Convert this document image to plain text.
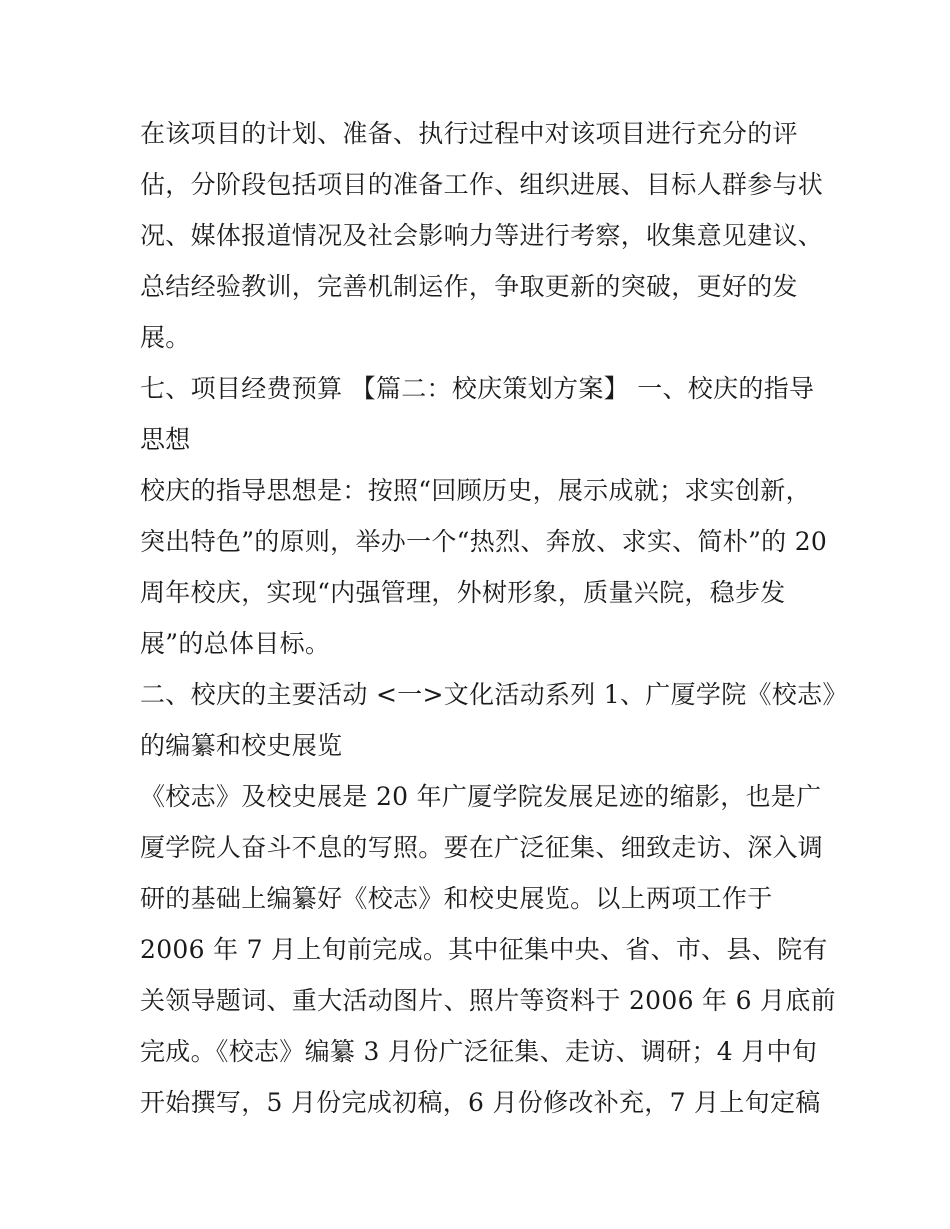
在该项目的计划、准备、执行过程中对该项目进行充分的评
估，分阶段包括项目的准备工作、组织进展、目标人群参与状
况、媒体报道情况及社会影响力等进行考察，收集意见建议、
总结经验教训，完善机制运作，争取更新的突破，更好的发
展。
七、项目经费预算 【篇二：校庆策划方案】 一、校庆的指导
思想
校庆的指导思想是：按照“回顾历史，展示成就；求实创新，
突出特色”的原则，举办一个“热烈、奔放、求实、简朴”的 20
周年校庆，实现“内强管理，外树形象，质量兴院，稳步发
展”的总体目标。
二、校庆的主要活动 <一>文化活动系列 1、广厦学院《校志》
的编纂和校史展览
《校志》及校史展是 20 年广厦学院发展足迹的缩影，也是广
厦学院人奋斗不息的写照。要在广泛征集、细致走访、深入调
研的基础上编纂好《校志》和校史展览。以上两项工作于
2006 年 7 月上旬前完成。其中征集中央、省、市、县、院有
关领导题词、重大活动图片、照片等资料于 2006 年 6 月底前
完成。《校志》编纂 3 月份广泛征集、走访、调研；4 月中旬
开始撰写，5 月份完成初稿，6 月份修改补充，7 月上旬定稿
